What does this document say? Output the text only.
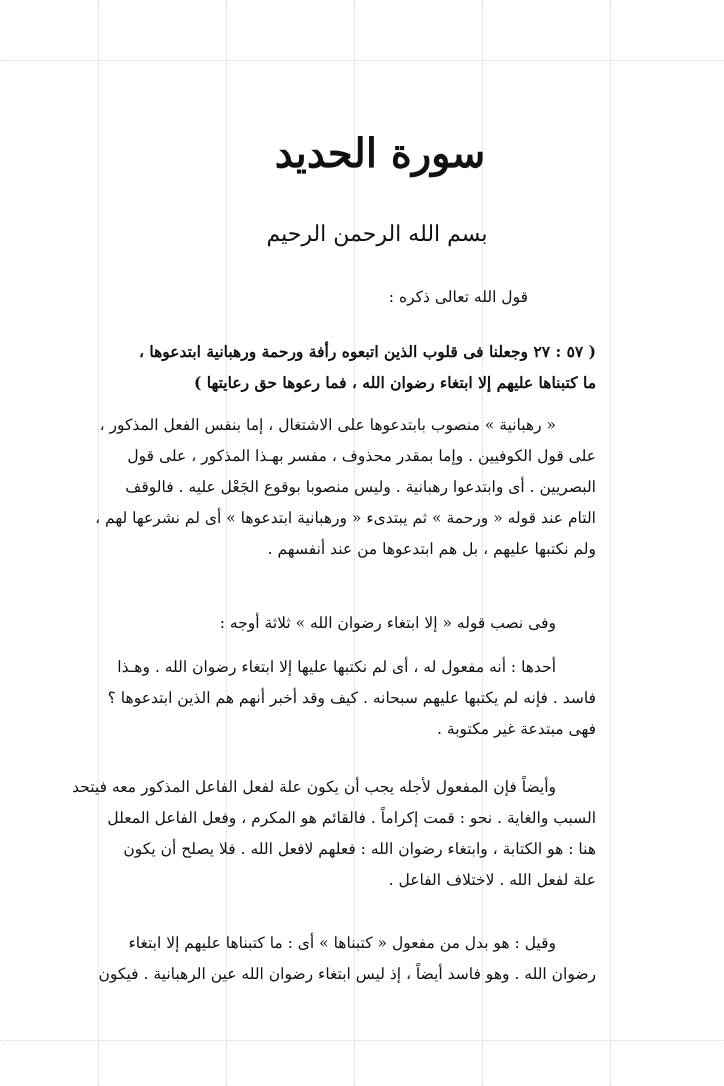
سورة الحديد

بسم الله الرحمن الرحيم

قول الله تعالى ذكره :
( ٥٧ : ٢٧ وجعلنا فى قلوب الذين اتبعوه رأفة ورحمة ورهبانية ابتدعوها ،
ما كتبناها عليهم إلا ابتغاء رضوان الله ، فما رعوها حق رعايتها )
« رهبانية » منصوب بابتدعوها على الاشتغال ، إما بنفس الفعل المذكور ،
على قول الكوفيين . وإما بمقدر محذوف ، مفسر بهـذا المذكور ، على قول
البصريين . أى وابتدعوا رهبانية . وليس منصوبا بوقوع الجَعْل عليه . فالوقف
التام عند قوله « ورحمة » ثم يبتدىء « ورهبانية ابتدعوها » أى لم نشرعها لهم ،
ولم نكتبها عليهم ، بل هم ابتدعوها من عند أنفسهم .
وفى نصب قوله « إلا ابتغاء رضوان الله » ثلاثة أوجه :
أحدها : أنه مفعول له ، أى لم نكتبها عليها إلا ابتغاء رضوان الله . وهـذا
فاسد . فإنه لم يكتبها عليهم سبحانه . كيف وقد أخبر أنهم هم الذين ابتدعوها ؟
فهى مبتدعة غير مكتوبة .
وأيضاً فإن المفعول لأجله يجب أن يكون علة لفعل الفاعل المذكور معه فيتحد
السبب والغاية . نحو : قمت إكراماً . فالقائم هو المكرم ، وفعل الفاعل المعلل
هنا : هو الكتابة ، وابتغاء رضوان الله : فعلهم لافعل الله . فلا يصلح أن يكون
علة لفعل الله . لاختلاف الفاعل .
وقيل : هو بدل من مفعول « كتبناها » أى : ما كتبناها عليهم إلا ابتغاء
رضوان الله . وهو فاسد أيضاً ، إذ ليس ابتغاء رضوان الله عين الرهبانية . فيكون
